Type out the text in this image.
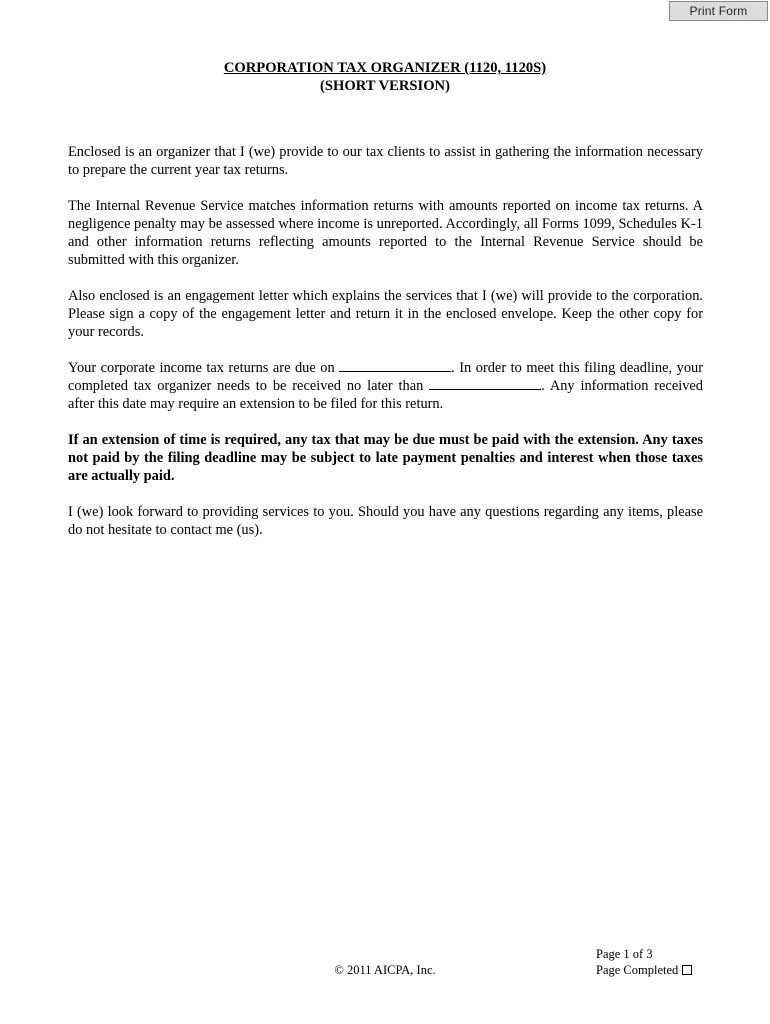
Print Form
CORPORATION TAX ORGANIZER (1120, 1120S)
(SHORT VERSION)

Enclosed is an organizer that I (we) provide to our tax clients to assist in gathering the information necessary to prepare the current year tax returns.

The Internal Revenue Service matches information returns with amounts reported on income tax returns. A negligence penalty may be assessed where income is unreported. Accordingly, all Forms 1099, Schedules K-1 and other information returns reflecting amounts reported to the Internal Revenue Service should be submitted with this organizer.

Also enclosed is an engagement letter which explains the services that I (we) will provide to the corporation. Please sign a copy of the engagement letter and return it in the enclosed envelope. Keep the other copy for your records.

Your corporate income tax returns are due on	. In order to meet this filing deadline, your completed tax organizer needs to be received no later than	. Any information received after this date may require an extension to be filed for this return.

If an extension of time is required, any tax that may be due must be paid with the extension. Any taxes not paid by the filing deadline may be subject to late payment penalties and interest when those taxes are actually paid.

I (we) look forward to providing services to you. Should you have any questions regarding any items, please do not hesitate to contact me (us).

© 2011 AICPA, Inc.
Page 1 of 3
Page Completed
